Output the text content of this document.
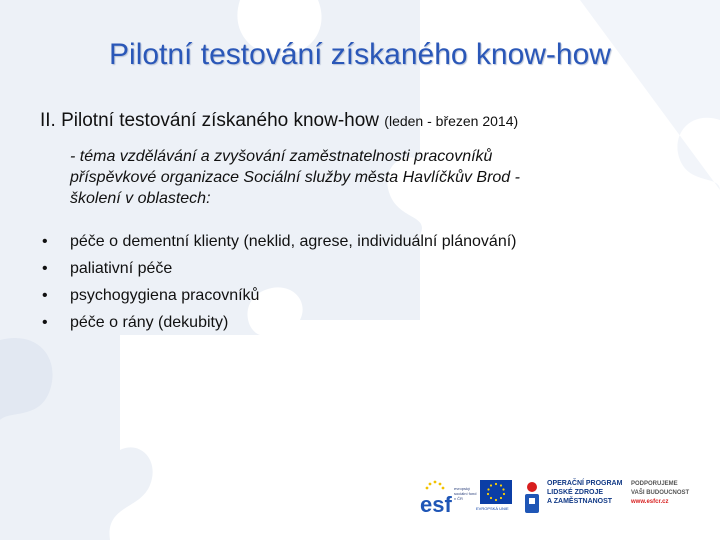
Pilotní testování získaného know-how
II. Pilotní testování získaného know-how (leden - březen 2014)
- téma vzdělávání a zvyšování zaměstnatelnosti pracovníků
příspěvkové organizace Sociální služby města Havlíčkův Brod -
školení v oblastech:
• péče o dementní klienty (neklid, agrese, individuální plánování)
• paliativní péče
• psychogygiena pracovníků
• péče o rány (dekubity)
esf
evropský sociální fond v ČR
EVROPSKÁ UNIE
OPERAČNÍ PROGRAM
LIDSKÉ ZDROJE
A ZAMĚSTNANOST
PODPORUJEME
VAŠI BUDOUCNOST
www.esfcr.cz
